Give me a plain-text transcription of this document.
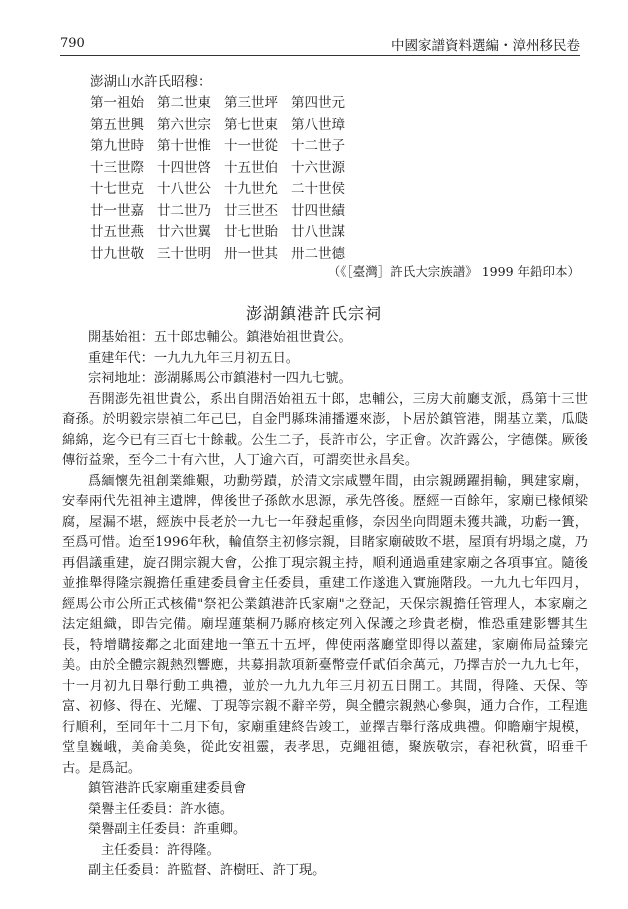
790	中國家譜資料選編・漳州移民卷
澎湖山水許氏昭穆：
第一祖始 第二世東 第三世坪 第四世元
第五世興 第六世宗 第七世東 第八世璋
第九世時 第十世惟 十一世從 十二世子
十三世際 十四世啓 十五世伯 十六世源
十七世克 十八世公 十九世允 二十世侯
廿一世嘉 廿二世乃 廿三世丕 廿四世績
廿五世燕 廿六世翼 廿七世貽 廿八世謀
廿九世敬 三十世明 卅一世其 卅二世德
（《［臺灣］許氏大宗族譜》 1999 年鉛印本）
澎湖鎮港許氏宗祠

開基始祖：五十郎忠輔公。鎮港始祖世貴公。

重建年代：一九九九年三月初五日。

宗祠地址：澎湖縣馬公市鎮港村一四九七號。

吾開澎先祖世貴公，系出自開浯始祖五十郎，忠輔公，三房大前廳支派，爲第十三世裔孫。於明毅宗崇禎二年己巳，自金門縣珠浦播遷來澎，卜居於鎮管港，開基立業，瓜瓞綿綿，迄今已有三百七十餘載。公生二子，長許市公，字正會。次許露公，字德傑。厥後傳衍益衆，至今二十有六世，人丁逾六百，可謂奕世永昌矣。

爲緬懷先祖創業維艱，功勳勞蹟，於清文宗咸豐年間，由宗親踴躍捐輸，興建家廟，安奉兩代先祖神主遺牌，俾後世子孫飲水思源，承先啓後。歷經一百餘年，家廟已椽傾梁腐，屋漏不堪，經族中長老於一九七一年發起重修，奈因坐向問題未獲共識，功虧一簣，至爲可惜。迨至1996年秋，輪值祭主初修宗親，目睹家廟破敗不堪，屋頂有坍塌之虞，乃再倡議重建，旋召開宗親大會，公推丁現宗親主持，順利通過重建家廟之各項事宜。隨後並推舉得隆宗親擔任重建委員會主任委員，重建工作遂進入實施階段。一九九七年四月，經馬公市公所正式核備"祭祀公業鎮港許氏家廟"之登記，天保宗親擔任管理人，本家廟之法定組織，即告完備。廟埕蓮葉桐乃縣府核定列入保護之珍貴老樹，惟恐重建影響其生長，特增購接鄰之北面建地一筆五十五坪，俾使兩落廳堂即得以蓋建，家廟佈局益臻完美。由於全體宗親熱烈響應，共募捐款項新臺幣壹仟貳佰余萬元，乃擇吉於一九九七年，十一月初九日舉行動工典禮，並於一九九九年三月初五日開工。其間，得隆、天保、等富、初修、得在、光耀、丁現等宗親不辭辛勞，與全體宗親熱心參與，通力合作，工程進行順利，至同年十二月下旬，家廟重建終告竣工，並擇吉舉行落成典禮。仰瞻廟宇規模，堂皇巍峨，美侖美奐，從此安祖靈，表孝思，克繩祖德，聚族敬宗，春祀秋賞，昭垂千古。是爲記。

鎮管港許氏家廟重建委員會

榮譽主任委員：許水德。

榮譽副主任委員：許重卿。

主任委員：許得隆。

副主任委員：許監督、許樹旺、許丁現。
